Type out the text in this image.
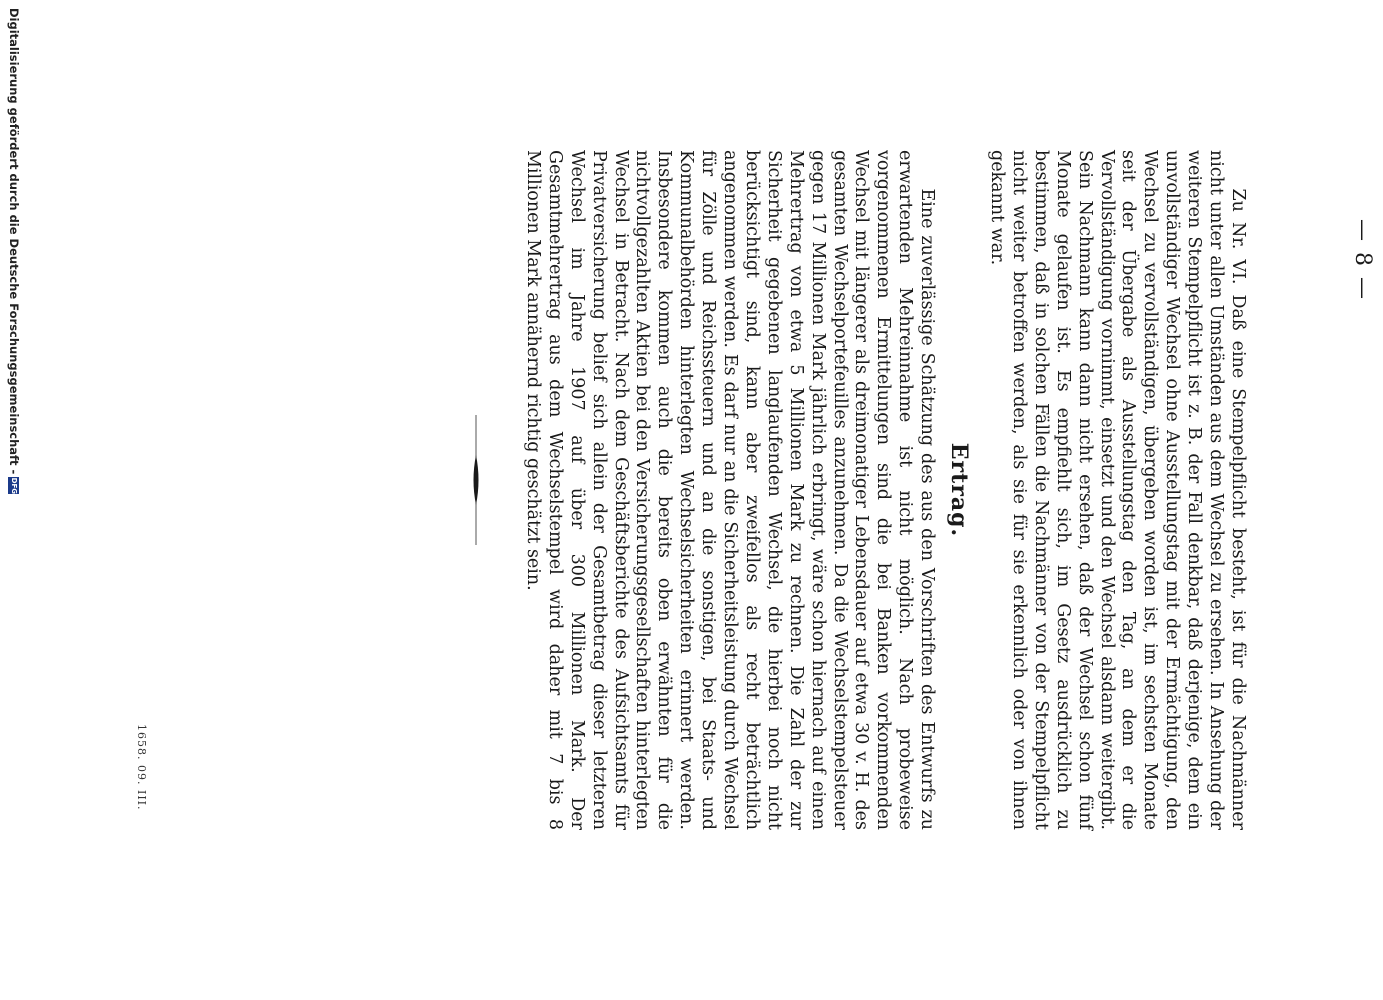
— 8 —

Zu Nr. VI. Daß eine Stempelpflicht besteht, ist für die Nachmänner nicht unter allen Umständen aus dem Wechsel zu ersehen. In Ansehung der weiteren Stempelpflicht ist z. B. der Fall denkbar, daß derjenige, dem ein unvollständiger Wechsel ohne Ausstellungstag mit der Ermächtigung, den Wechsel zu vervollständigen, übergeben worden ist, im sechsten Monate seit der Übergabe als Ausstellungstag den Tag, an dem er die Vervollständigung vornimmt, einsetzt und den Wechsel alsdann weitergibt. Sein Nachmann kann dann nicht ersehen, daß der Wechsel schon fünf Monate gelaufen ist. Es empfiehlt sich, im Gesetz ausdrücklich zu bestimmen, daß in solchen Fällen die Nachmänner von der Stempelpflicht nicht weiter betroffen werden, als sie für sie erkennlich oder von ihnen gekannt war.

Ertrag.

Eine zuverlässige Schätzung des aus den Vorschriften des Entwurfs zu erwartenden Mehreinnahme ist nicht möglich. Nach probeweise vorgenommenen Ermittelungen sind die bei Banken vorkommenden Wechsel mit längerer als dreimonatiger Lebensdauer auf etwa 30 v. H. des gesamten Wechselportefeuilles anzunehmen. Da die Wechselstempelsteuer gegen 17 Millionen Mark jährlich erbringt, wäre schon hiernach auf einen Mehrertrag von etwa 5 Millionen Mark zu rechnen. Die Zahl der zur Sicherheit gegebenen langlaufenden Wechsel, die hierbei noch nicht berücksichtigt sind, kann aber zweifellos als recht beträchtlich angenommen werden. Es darf nur an die Sicherheitsleistung durch Wechsel für Zölle und Reichssteuern und an die sonstigen, bei Staats- und Kommunalbehörden hinterlegten Wechselsicherheiten erinnert werden. Insbesondere kommen auch die bereits oben erwähnten für die nichtvollgezahlten Aktien bei den Versicherungsgesellschaften hinterlegten Wechsel in Betracht. Nach dem Geschäftsberichte des Aufsichtsamts für Privatversicherung belief sich allein der Gesamtbetrag dieser letzteren Wechsel im Jahre 1907 auf über 300 Millionen Mark. Der Gesamtmehrertrag aus dem Wechselstempel wird daher mit 7 bis 8 Millionen Mark annähernd richtig geschätzt sein.

1658. 09. III.
Digitalisierung gefördert durch die Deutsche Forschungsgemeinschaft -
DFG
